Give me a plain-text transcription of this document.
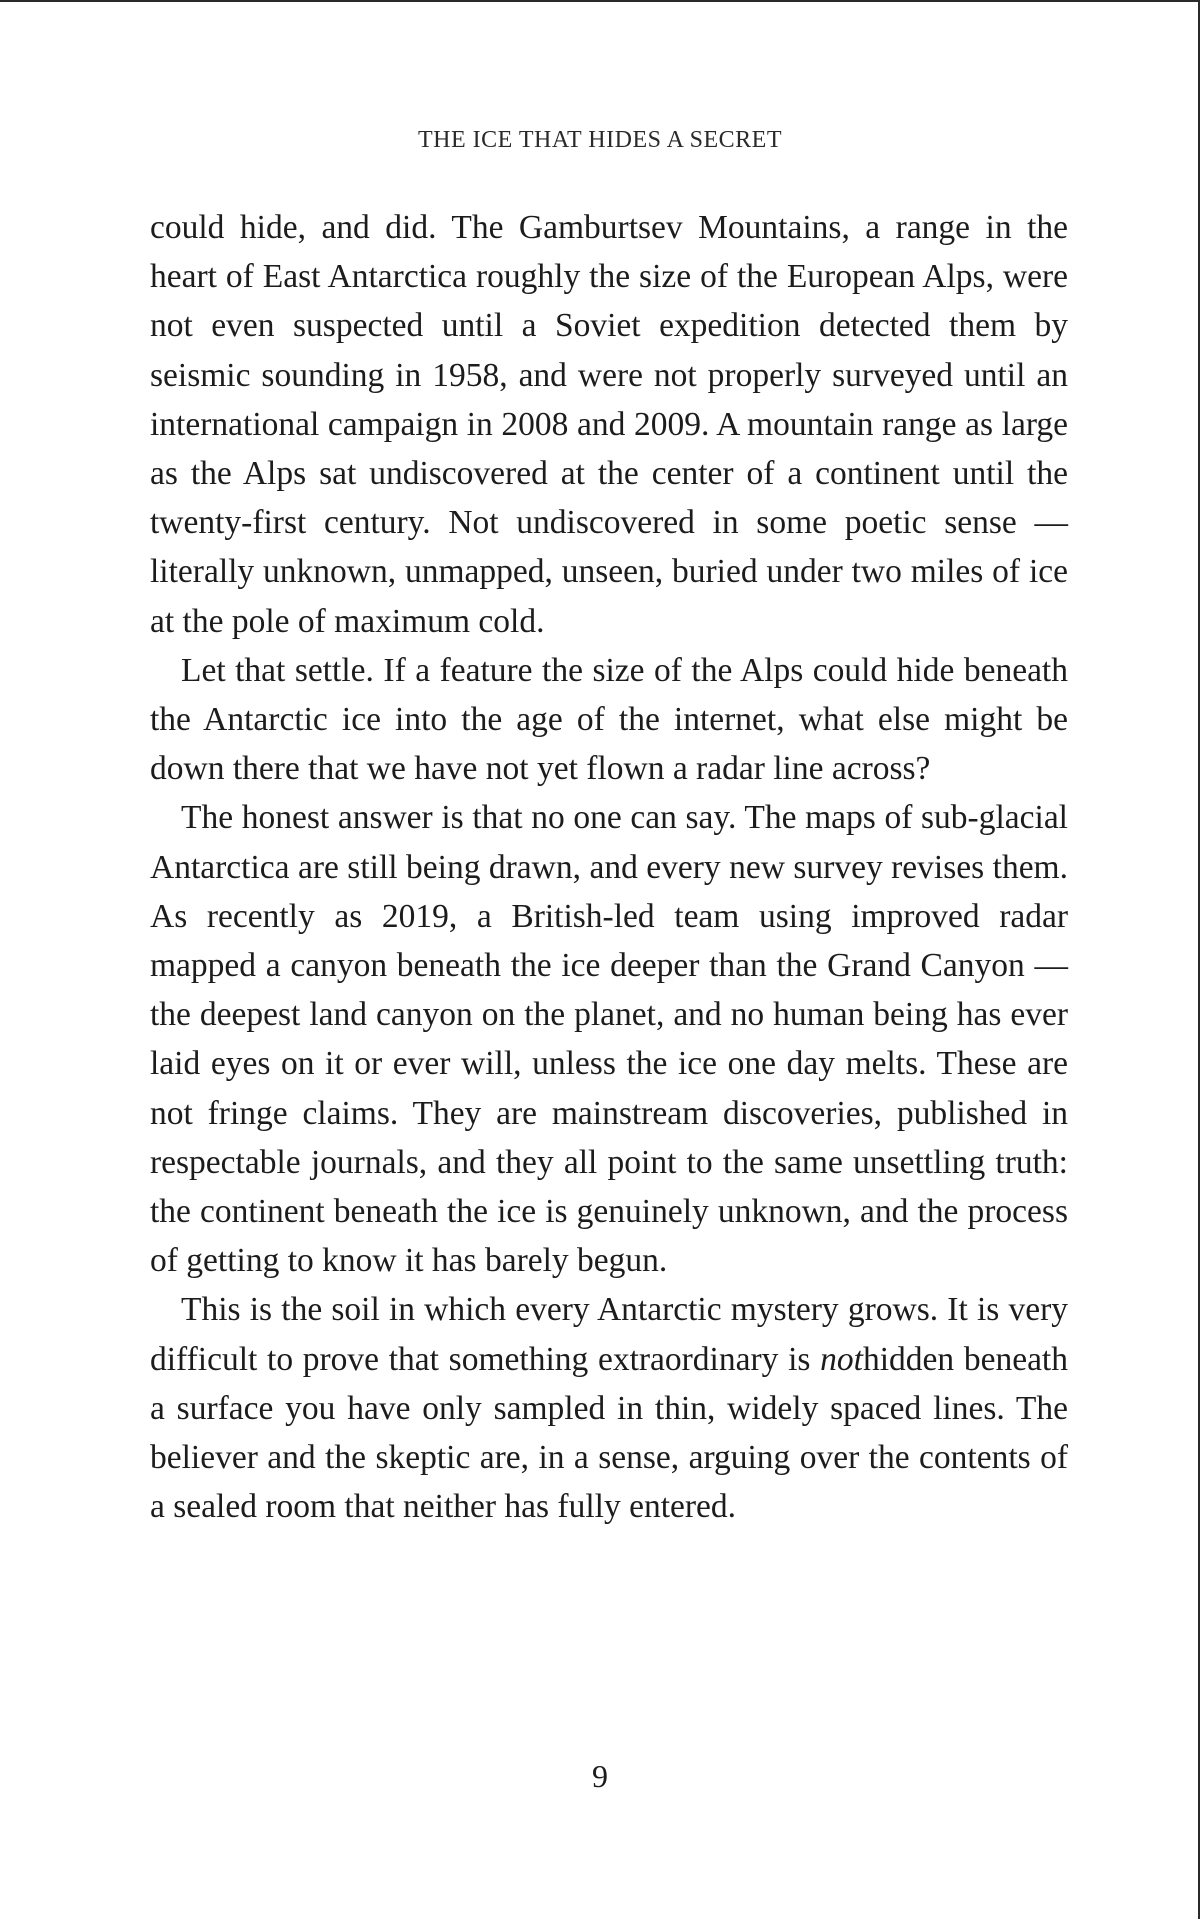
THE ICE THAT HIDES A SECRET

could hide, and did. The Gamburtsev Mountains, a range in the heart of East Antarctica roughly the size of the European Alps, were not even suspected until a Soviet expedition detected them by seismic sounding in 1958, and were not properly surveyed until an international campaign in 2008 and 2009. A mountain range as large as the Alps sat undiscovered at the center of a continent until the twenty-first century. Not undiscovered in some poetic sense — literally unknown, unmapped, unseen, buried under two miles of ice at the pole of maximum cold.

Let that settle. If a feature the size of the Alps could hide beneath the Antarctic ice into the age of the internet, what else might be down there that we have not yet flown a radar line across?

The honest answer is that no one can say. The maps of sub-glacial Antarctica are still being drawn, and every new survey revises them. As recently as 2019, a British-led team using improved radar mapped a canyon beneath the ice deeper than the Grand Canyon — the deepest land canyon on the planet, and no human being has ever laid eyes on it or ever will, unless the ice one day melts. These are not fringe claims. They are mainstream discoveries, published in respectable journals, and they all point to the same unsettling truth: the continent beneath the ice is genuinely unknown, and the process of getting to know it has barely begun.

This is the soil in which every Antarctic mystery grows. It is very difficult to prove that something extraordinary is nothidden beneath a surface you have only sampled in thin, widely spaced lines. The believer and the skeptic are, in a sense, arguing over the contents of a sealed room that neither has fully entered.

9
